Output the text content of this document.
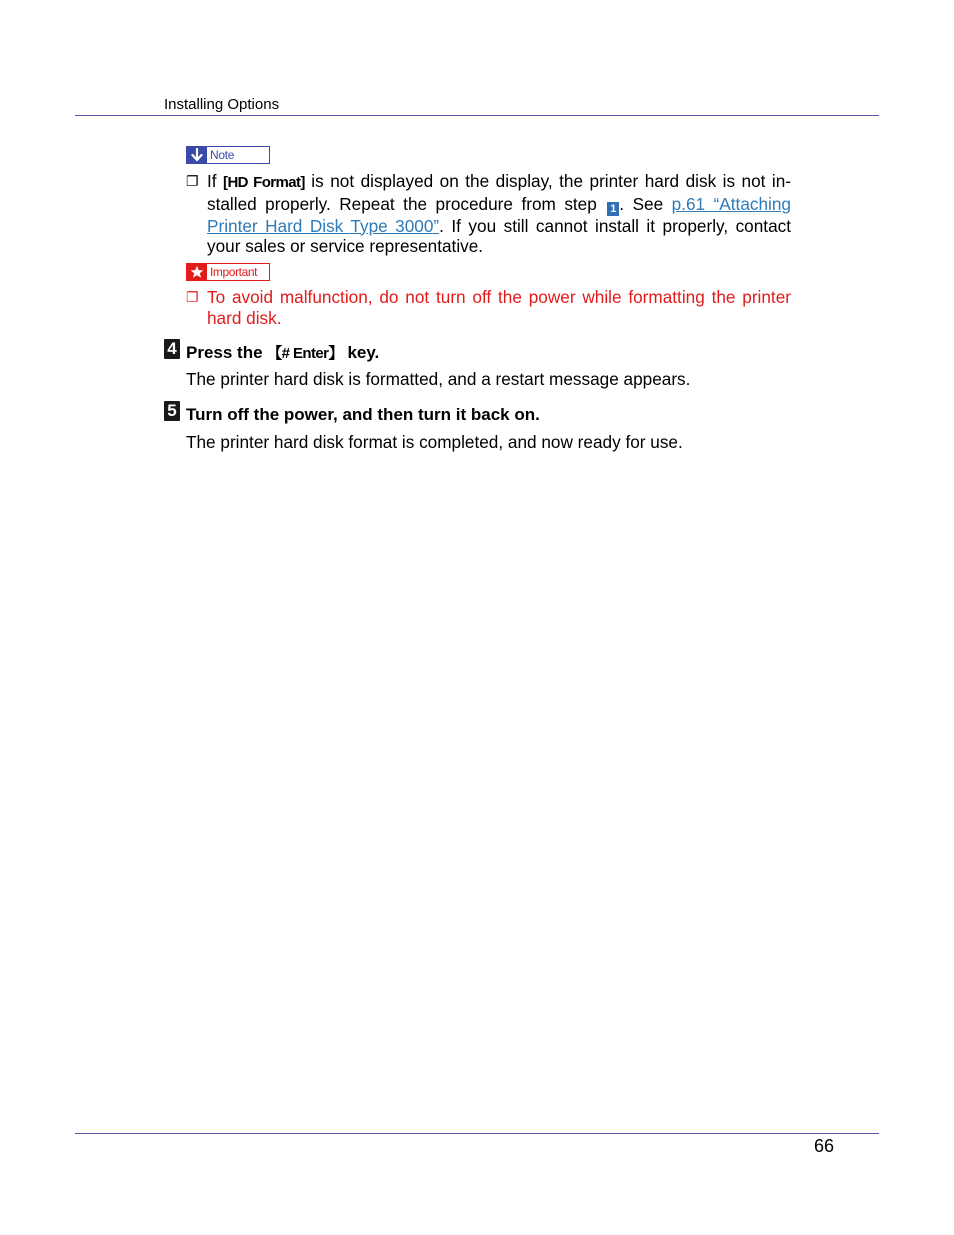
Installing Options
Note
❐ If [HD Format] is not displayed on the display, the printer hard disk is not in-stalled properly. Repeat the procedure from step 1 . See p.61 “Attaching Printer Hard Disk Type 3000”. If you still cannot install it properly, contact your sales or service representative.
Important
❐ To avoid malfunction, do not turn off the power while formatting the printer hard disk.
4 Press the 【# Enter】 key.
The printer hard disk is formatted, and a restart message appears.
5 Turn off the power, and then turn it back on.
The printer hard disk format is completed, and now ready for use.
66
